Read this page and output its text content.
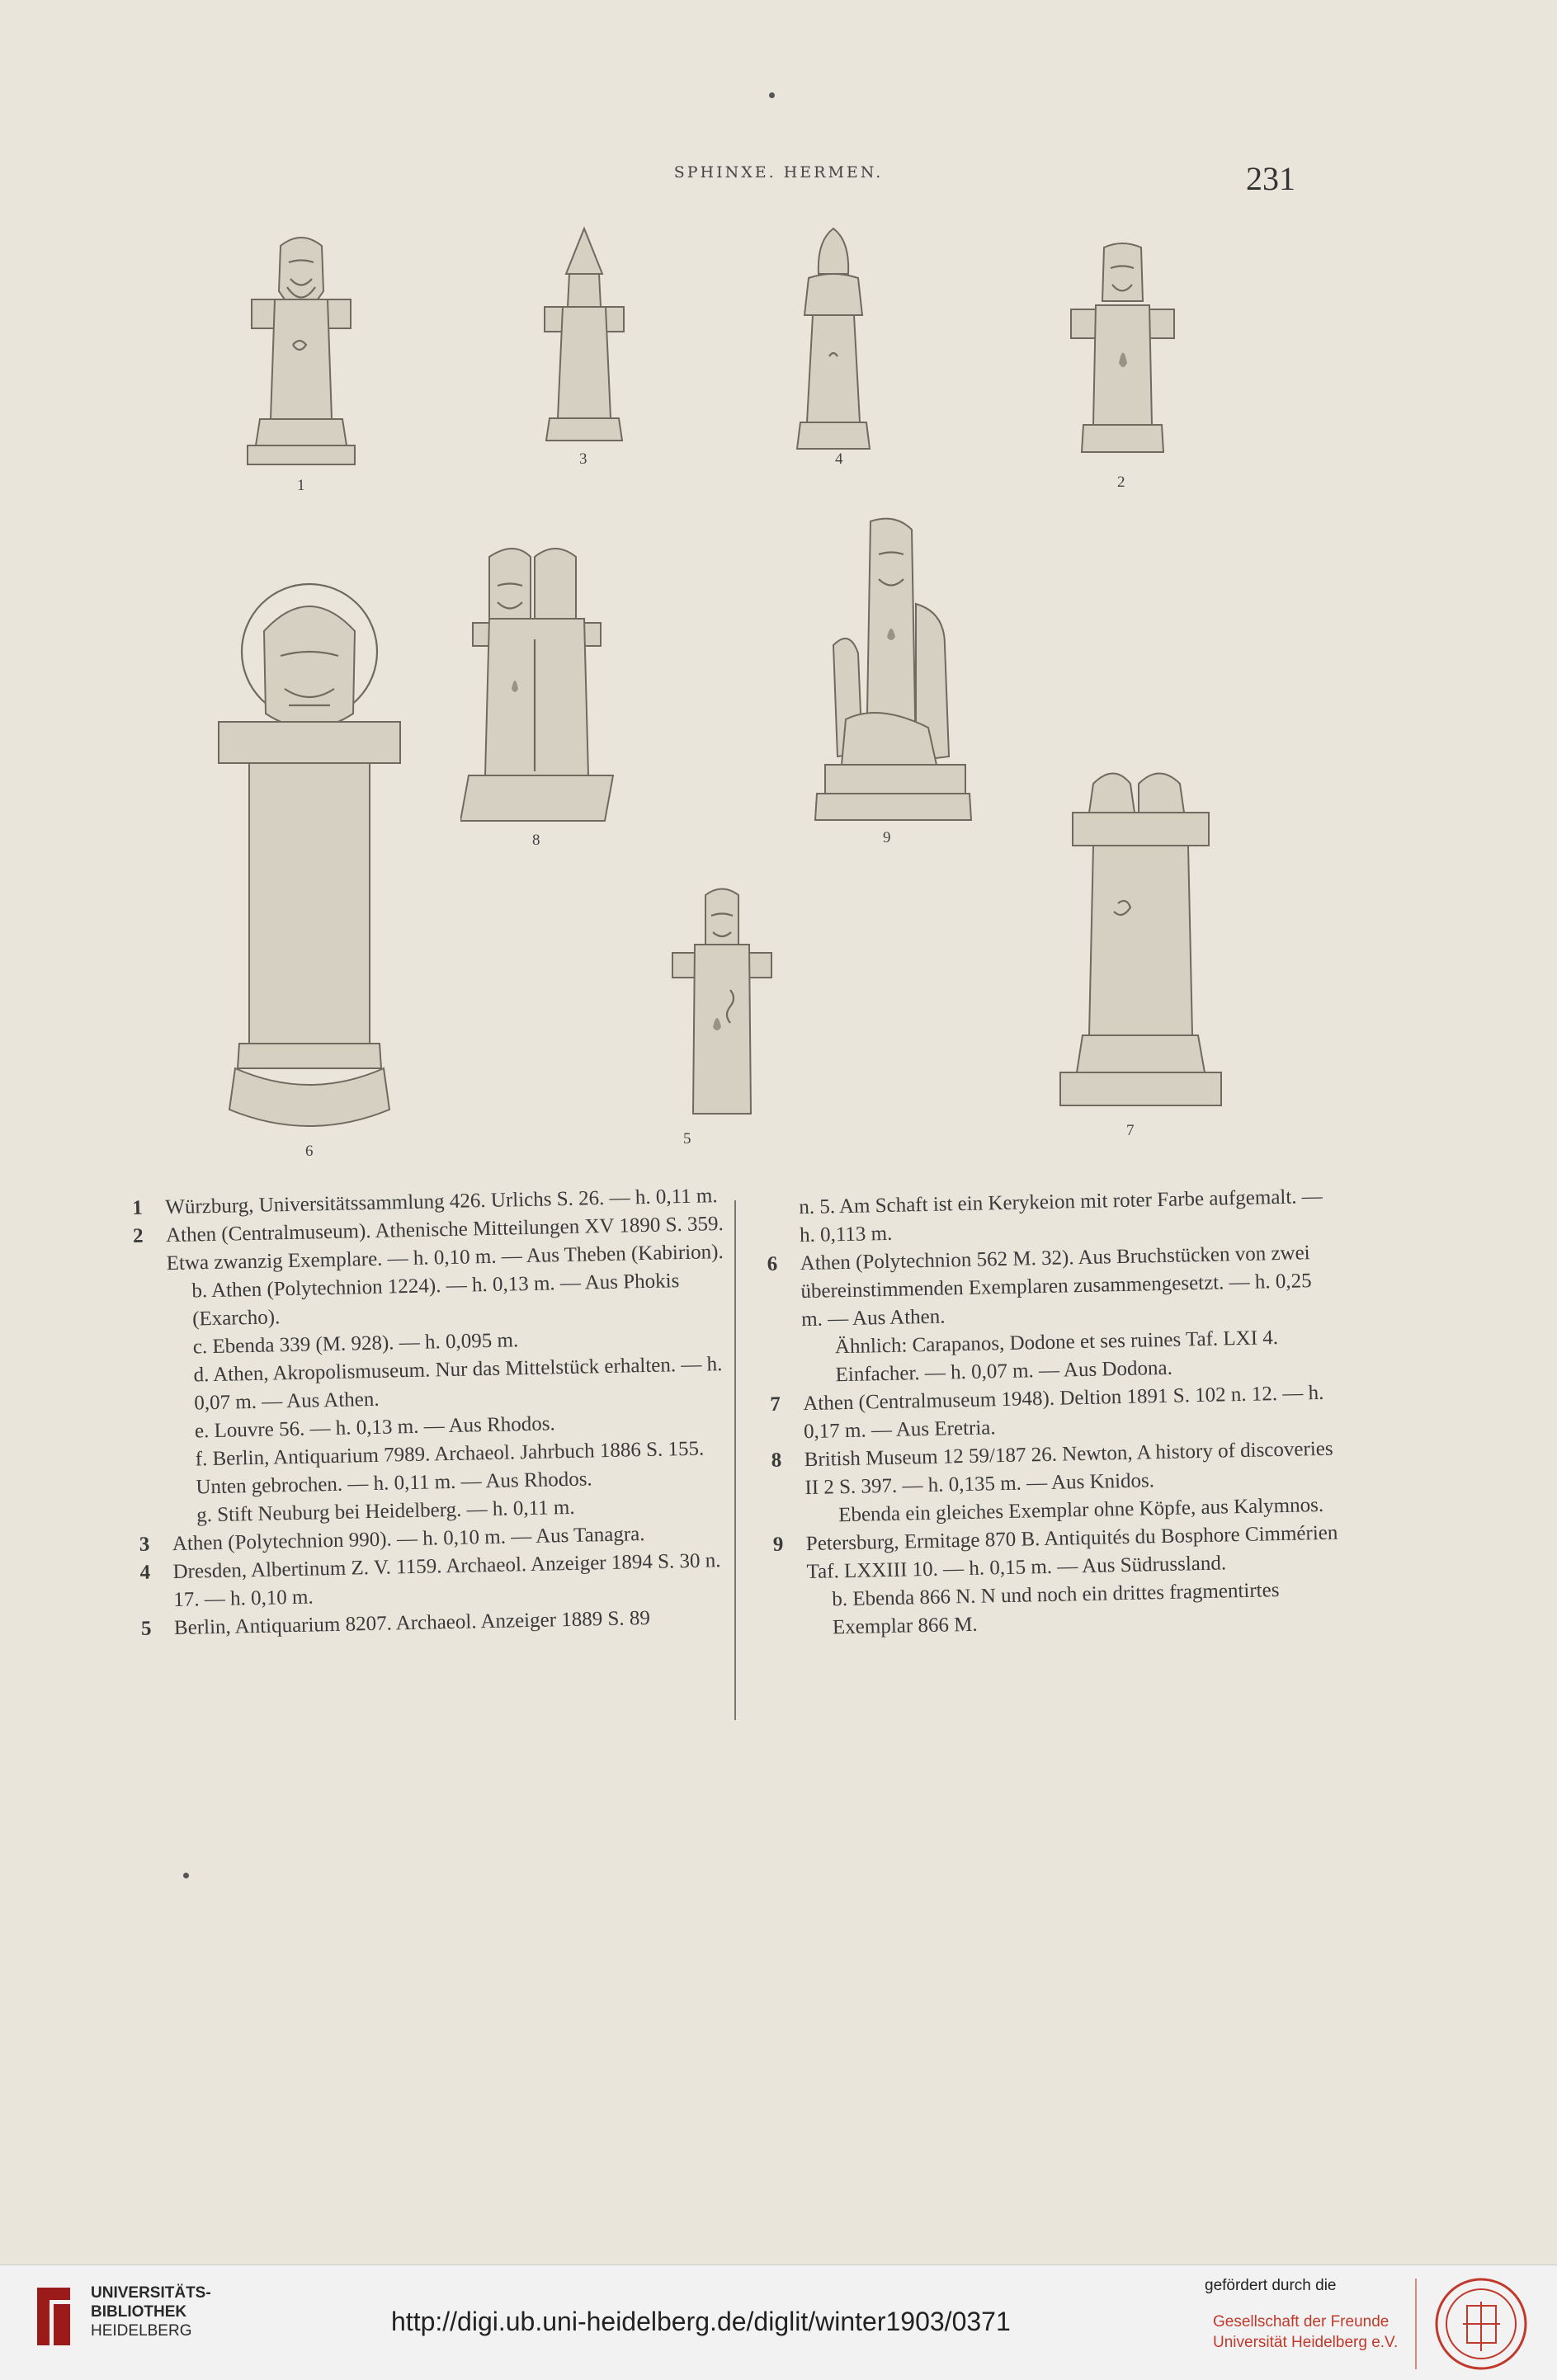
SPHINXE. HERMEN.	231
1
3	4
2
6
8	9
5	7
1 Würzburg, Universitätssammlung 426. Urlichs S. 26. — h. 0,11 m.
2 Athen (Centralmuseum). Athenische Mitteilungen XV 1890 S. 359. Etwa zwanzig Exemplare. — h. 0,10 m. — Aus Theben (Kabirion).
b. Athen (Polytechnion 1224). — h. 0,13 m. — Aus Phokis (Exarcho).
c. Ebenda 339 (M. 928). — h. 0,095 m.
d. Athen, Akropolismuseum. Nur das Mittelstück erhalten. — h. 0,07 m. — Aus Athen.
e. Louvre 56. — h. 0,13 m. — Aus Rhodos.
f. Berlin, Antiquarium 7989. Archaeol. Jahrbuch 1886 S. 155. Unten gebrochen. — h. 0,11 m. — Aus Rhodos.
g. Stift Neuburg bei Heidelberg. — h. 0,11 m.
3 Athen (Polytechnion 990). — h. 0,10 m. — Aus Tanagra.
4 Dresden, Albertinum Z. V. 1159. Archaeol. Anzeiger 1894 S. 30 n. 17. — h. 0,10 m.
5 Berlin, Antiquarium 8207. Archaeol. Anzeiger 1889 S. 89
n. 5. Am Schaft ist ein Kerykeion mit roter Farbe aufgemalt. — h. 0,113 m.
6 Athen (Polytechnion 562 M. 32). Aus Bruchstücken von zwei übereinstimmenden Exemplaren zusammengesetzt. — h. 0,25 m. — Aus Athen.
Ähnlich: Carapanos, Dodone et ses ruines Taf. LXI 4. Einfacher. — h. 0,07 m. — Aus Dodona.
7 Athen (Centralmuseum 1948). Deltion 1891 S. 102 n. 12. — h. 0,17 m. — Aus Eretria.
8 British Museum 12 59/187 26. Newton, A history of discoveries II 2 S. 397. — h. 0,135 m. — Aus Knidos.
Ebenda ein gleiches Exemplar ohne Köpfe, aus Kalymnos.
9 Petersburg, Ermitage 870 B. Antiquités du Bosphore Cimmérien Taf. LXXIII 10. — h. 0,15 m. — Aus Südrussland.
b. Ebenda 866 N. N und noch ein drittes fragmentirtes Exemplar 866 M.
UNIVERSITÄTS-
BIBLIOTHEK
HEIDELBERG	http://digi.ub.uni-heidelberg.de/diglit/winter1903/0371
gefördert durch die
Gesellschaft der Freunde
Universität Heidelberg e.V.
